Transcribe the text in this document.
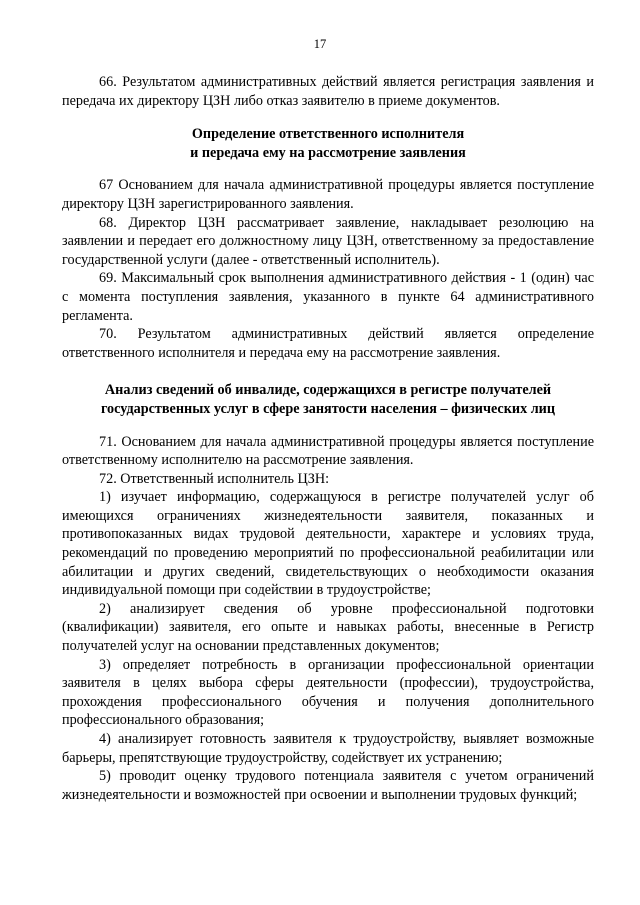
17

66. Результатом административных действий является регистрация заявления и передача их директору ЦЗН либо отказ заявителю в приеме документов.

Определение ответственного исполнителя
и передача ему на рассмотрение заявления

67 Основанием для начала административной процедуры является поступление директору ЦЗН зарегистрированного заявления.

68. Директор ЦЗН рассматривает заявление, накладывает резолюцию на заявлении и передает его должностному лицу ЦЗН, ответственному за предоставление государственной услуги (далее - ответственный исполнитель).

69. Максимальный срок выполнения административного действия - 1 (один) час с момента поступления заявления, указанного в пункте 64 административного регламента.

70. Результатом административных действий является определение ответственного исполнителя и передача ему на рассмотрение заявления.

Анализ сведений об инвалиде, содержащихся в регистре получателей
государственных услуг в сфере занятости населения – физических лиц

71. Основанием для начала административной процедуры является поступление ответственному исполнителю на рассмотрение заявления.

72. Ответственный исполнитель ЦЗН:

1) изучает информацию, содержащуюся в регистре получателей услуг об имеющихся ограничениях жизнедеятельности заявителя, показанных и противопоказанных видах трудовой деятельности, характере и условиях труда, рекомендаций по проведению мероприятий по профессиональной реабилитации или абилитации и других сведений, свидетельствующих о необходимости оказания индивидуальной помощи при содействии в трудоустройстве;

2) анализирует сведения об уровне профессиональной подготовки (квалификации) заявителя, его опыте и навыках работы, внесенные в Регистр получателей услуг на основании представленных документов;

3) определяет потребность в организации профессиональной ориентации заявителя в целях выбора сферы деятельности (профессии), трудоустройства, прохождения профессионального обучения и получения дополнительного профессионального образования;

4) анализирует готовность заявителя к трудоустройству, выявляет возможные барьеры, препятствующие трудоустройству, содействует их устранению;

5) проводит оценку трудового потенциала заявителя с учетом ограничений жизнедеятельности и возможностей при освоении и выполнении трудовых функций;
